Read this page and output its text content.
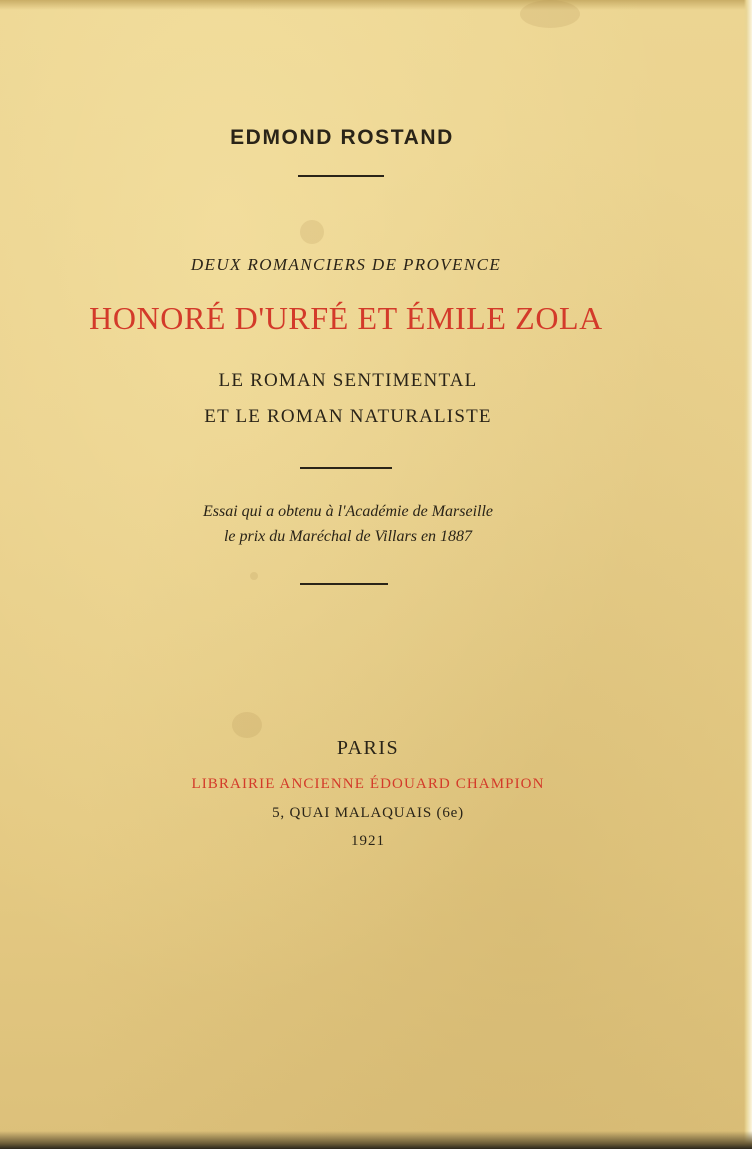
EDMOND ROSTAND

DEUX ROMANCIERS DE PROVENCE

HONORÉ D'URFÉ ET ÉMILE ZOLA

LE ROMAN SENTIMENTAL

ET LE ROMAN NATURALISTE

Essai qui a obtenu à l'Académie de Marseille

le prix du Maréchal de Villars en 1887

PARIS

LIBRAIRIE ANCIENNE ÉDOUARD CHAMPION

5, QUAI MALAQUAIS (6e)

1921
